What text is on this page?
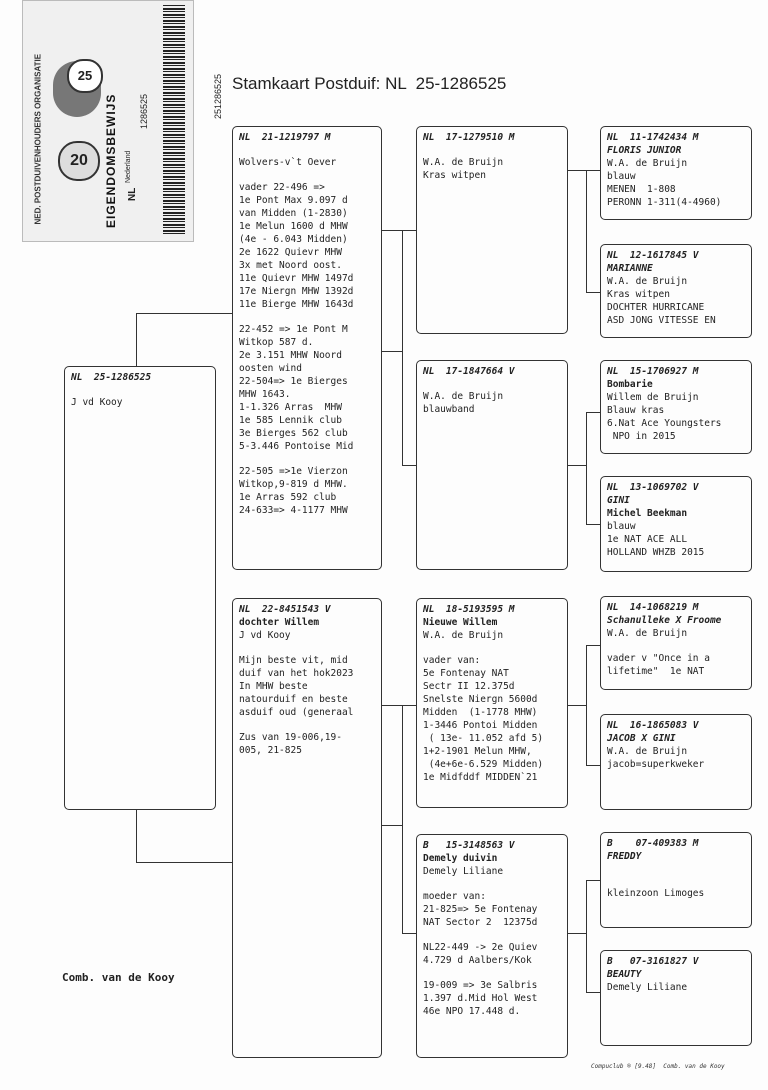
NED. POSTDUIVENHOUDERS ORGANISATIE	25
20	EIGENDOMSBEWIJS Nederland
NL
1286525	251286525 Stamkaart Postduif: NL  25-1286525
NL  25-1286525
J vd Kooy
NL  21-1219797 M
Wolvers-v`t Oever
vader 22-496 =>
1e Pont Max 9.097 d
van Midden (1-2830)
1e Melun 1600 d MHW
(4e - 6.043 Midden)
2e 1622 Quievr MHW
3x met Noord oost.
11e Quievr MHW 1497d
17e Niergn MHW 1392d
11e Bierge MHW 1643d
22-452 => 1e Pont M
Witkop 587 d.
2e 3.151 MHW Noord
oosten wind
22-504=> 1e Bierges
MHW 1643.
1-1.326 Arras  MHW
1e 585 Lennik club
3e Bierges 562 club
5-3.446 Pontoise Mid
22-505 =>1e Vierzon
Witkop,9-819 d MHW.
1e Arras 592 club
24-633=> 4-1177 MHW
NL  22-8451543 V
dochter Willem
J vd Kooy
Mijn beste vit, mid
duif van het hok2023
In MHW beste
natourduif en beste
asduif oud (generaal
Zus van 19-006,19-
005, 21-825
NL  17-1279510 M
W.A. de Bruijn
Kras witpen
NL  17-1847664 V
W.A. de Bruijn
blauwband
NL  18-5193595 M
Nieuwe Willem
W.A. de Bruijn
vader van:
5e Fontenay NAT
Sectr II 12.375d
Snelste Niergn 5600d
Midden  (1-1778 MHW)
1-3446 Pontoi Midden
( 13e- 11.052 afd 5)
1+2-1901 Melun MHW,
(4e+6e-6.529 Midden)
1e Midfddf MIDDEN`21
B   15-3148563 V
Demely duivin
Demely Liliane
moeder van:
21-825=> 5e Fontenay
NAT Sector 2  12375d
NL22-449 -> 2e Quiev
4.729 d Aalbers/Kok
19-009 => 3e Salbris
1.397 d.Mid Hol West
46e NPO 17.448 d.
NL  11-1742434 M
FLORIS JUNIOR
W.A. de Bruijn
blauw
MENEN  1-808
PERONN 1-311(4-4960)
NL  12-1617845 V
MARIANNE
W.A. de Bruijn
Kras witpen
DOCHTER HURRICANE
ASD JONG VITESSE EN
NL  15-1706927 M
Bombarie
Willem de Bruijn
Blauw kras
6.Nat Ace Youngsters
NPO in 2015
NL  13-1069702 V
GINI
Michel Beekman
blauw
1e NAT ACE ALL
HOLLAND WHZB 2015
NL  14-1068219 M
Schanulleke X Froome
W.A. de Bruijn
vader v "Once in a
lifetime"  1e NAT
NL  16-1865083 V
JACOB X GINI
W.A. de Bruijn
jacob=superkweker
B    07-409383 M
FREDDY
kleinzoon Limoges
B   07-3161827 V
BEAUTY
Demely Liliane
Comb. van de Kooy
Compuclub ® [9.48]  Comb. van de Kooy
